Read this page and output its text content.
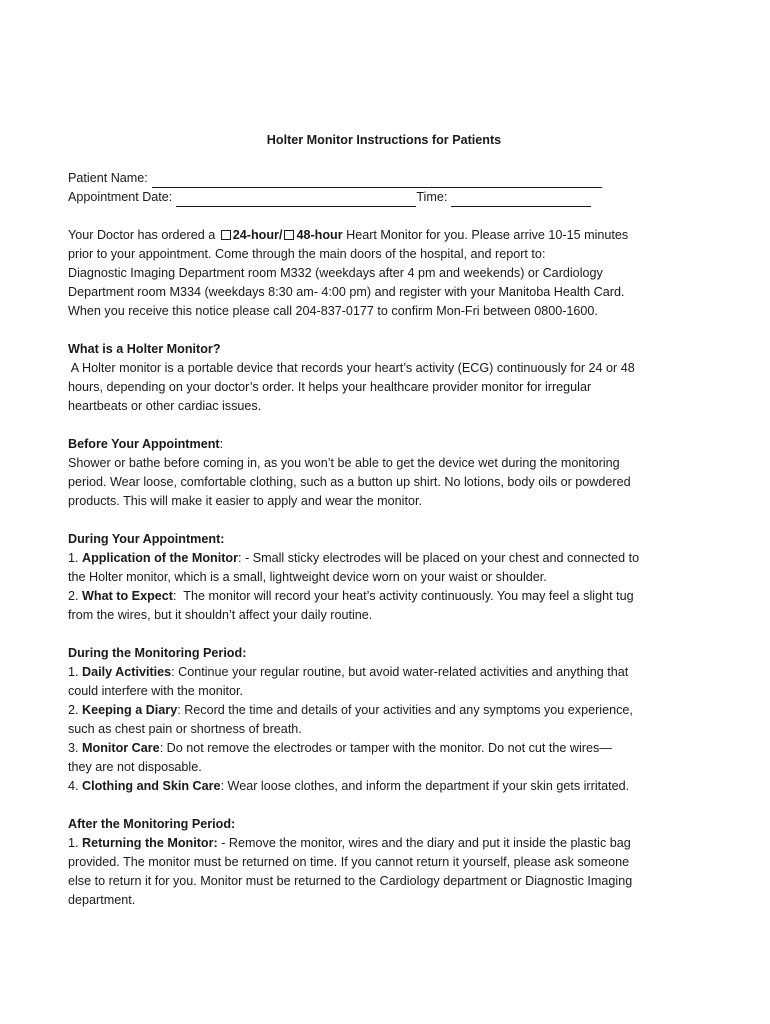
Holter Monitor Instructions for Patients
Patient Name:
Appointment Date:	Time:

Your Doctor has ordered a 24-hour/ 48-hour Heart Monitor for you. Please arrive 10-15 minutes

prior to your appointment. Come through the main doors of the hospital, and report to:

Diagnostic Imaging Department room M332 (weekdays after 4 pm and weekends) or Cardiology

Department room M334 (weekdays 8:30 am- 4:00 pm) and register with your Manitoba Health Card.

When you receive this notice please call 204-837-0177 to confirm Mon-Fri between 0800-1600.

What is a Holter Monitor?

A Holter monitor is a portable device that records your heart’s activity (ECG) continuously for 24 or 48

hours, depending on your doctor’s order. It helps your healthcare provider monitor for irregular

heartbeats or other cardiac issues.

Before Your Appointment:

Shower or bathe before coming in, as you won’t be able to get the device wet during the monitoring

period. Wear loose, comfortable clothing, such as a button up shirt. No lotions, body oils or powdered

products. This will make it easier to apply and wear the monitor.

During Your Appointment:

1. Application of the Monitor: - Small sticky electrodes will be placed on your chest and connected to

the Holter monitor, which is a small, lightweight device worn on your waist or shoulder.

2. What to Expect:  The monitor will record your heat’s activity continuously. You may feel a slight tug

from the wires, but it shouldn’t affect your daily routine.

During the Monitoring Period:

1. Daily Activities: Continue your regular routine, but avoid water-related activities and anything that

could interfere with the monitor.

2. Keeping a Diary: Record the time and details of your activities and any symptoms you experience,

such as chest pain or shortness of breath.

3. Monitor Care: Do not remove the electrodes or tamper with the monitor. Do not cut the wires—

they are not disposable.

4. Clothing and Skin Care: Wear loose clothes, and inform the department if your skin gets irritated.

After the Monitoring Period:

1. Returning the Monitor: - Remove the monitor, wires and the diary and put it inside the plastic bag

provided. The monitor must be returned on time. If you cannot return it yourself, please ask someone

else to return it for you. Monitor must be returned to the Cardiology department or Diagnostic Imaging

department.
